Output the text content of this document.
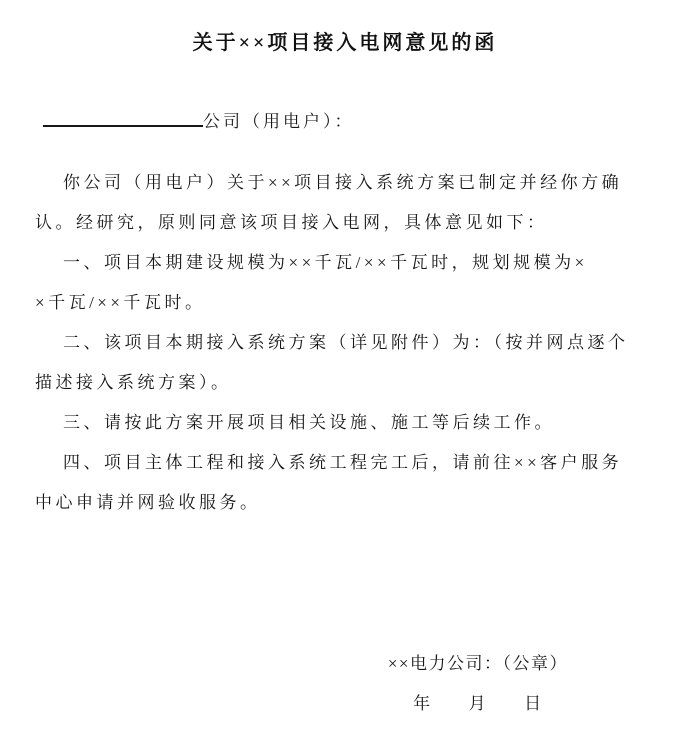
关于××项目接入电网意见的函
公司（用电户）：
你公司（用电户）关于××项目接入系统方案已制定并经你方确
认。经研究，原则同意该项目接入电网，具体意见如下：
一、项目本期建设规模为××千瓦/××千瓦时，规划规模为×
×千瓦/××千瓦时。
二、该项目本期接入系统方案（详见附件）为：（按并网点逐个
描述接入系统方案）。
三、请按此方案开展项目相关设施、施工等后续工作。
四、项目主体工程和接入系统工程完工后，请前往××客户服务
中心申请并网验收服务。
××电力公司：（公章）
年　　月　　日
